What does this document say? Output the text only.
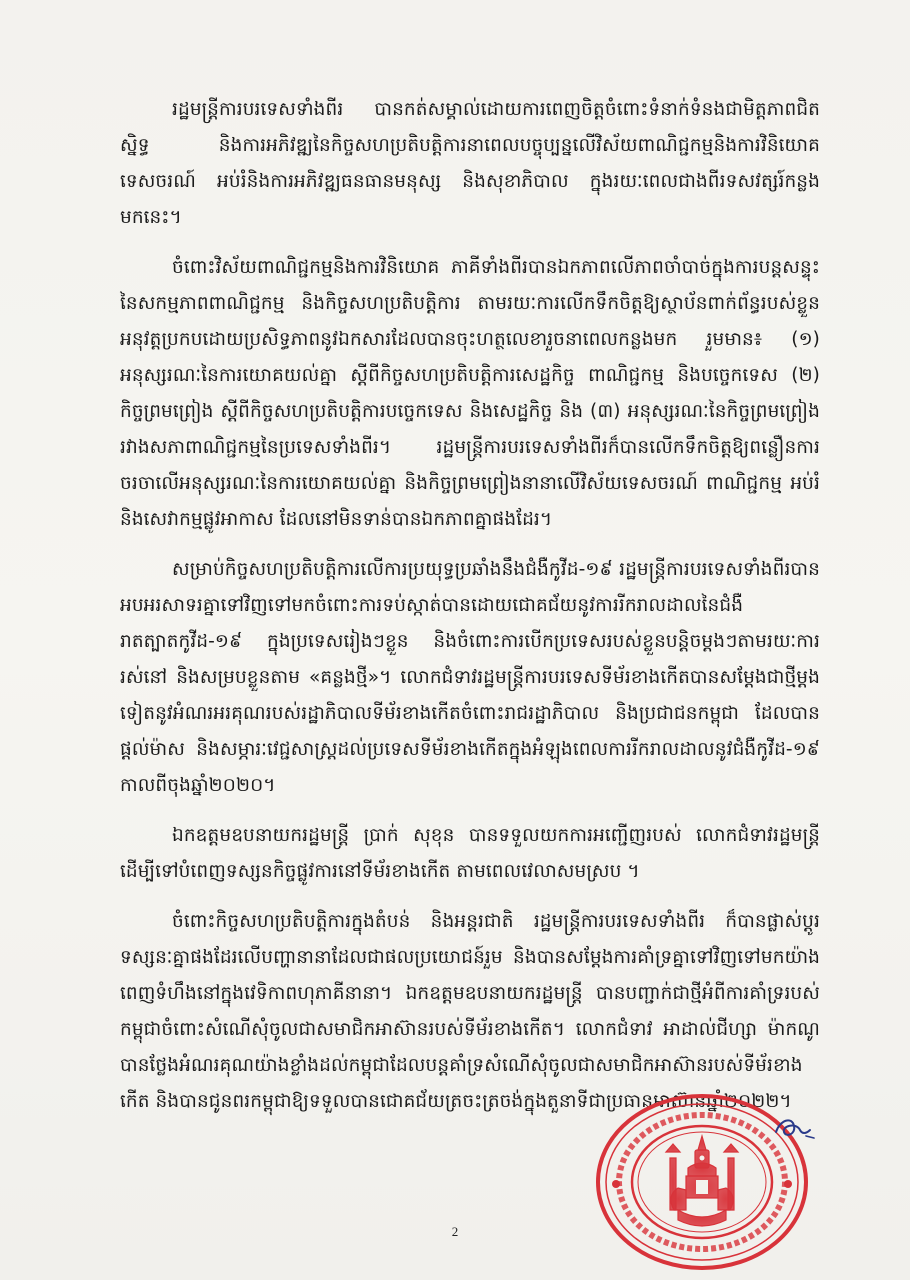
រដ្ឋមន្ត្រីការបរទេសទាំងពីរ បានកត់សម្គាល់ដោយការពេញចិត្តចំពោះទំនាក់ទំនងជាមិត្តភាពជិតស្និទ្ធ និងការអភិវឌ្ឍនៃកិច្ចសហប្រតិបត្តិការនាពេលបច្ចុប្បន្នលើវិស័យពាណិជ្ជកម្មនិងការវិនិយោគ ទេសចរណ៍ អប់រំនិងការអភិវឌ្ឍធនធានមនុស្ស និងសុខាភិបាល ក្នុងរយៈពេលជាងពីរទសវត្សរ៍កន្លងមកនេះ។

ចំពោះវិស័យពាណិជ្ជកម្មនិងការវិនិយោគ ភាគីទាំងពីរបានឯកភាពលើភាពចាំបាច់ក្នុងការបន្តសន្ទុះនៃសកម្មភាពពាណិជ្ជកម្ម និងកិច្ចសហប្រតិបត្តិការ តាមរយៈការលើកទឹកចិត្តឱ្យស្ថាប័នពាក់ព័ន្ធរបស់ខ្លួនអនុវត្តប្រកបដោយប្រសិទ្ធភាពនូវឯកសារដែលបានចុះហត្ថលេខារួចនាពេលកន្លងមក រួមមាន៖ (១) អនុស្សរណៈនៃការយោគយល់គ្នា ស្តីពីកិច្ចសហប្រតិបត្តិការសេដ្ឋកិច្ច ពាណិជ្ជកម្ម និងបច្ចេកទេស (២) កិច្ចព្រមព្រៀង ស្តីពីកិច្ចសហប្រតិបត្តិការបច្ចេកទេស និងសេដ្ឋកិច្ច និង (៣) អនុស្សរណៈនៃកិច្ចព្រមព្រៀងរវាងសភាពាណិជ្ជកម្មនៃប្រទេសទាំងពីរ។ រដ្ឋមន្ត្រីការបរទេសទាំងពីរក៏បានលើកទឹកចិត្តឱ្យពន្លឿនការចរចាលើអនុស្សរណៈនៃការយោគយល់គ្នា និងកិច្ចព្រមព្រៀងនានាលើវិស័យទេសចរណ៍ ពាណិជ្ជកម្ម អប់រំ និងសេវាកម្មផ្លូវអាកាស ដែលនៅមិនទាន់បានឯកភាពគ្នាផងដែរ។

សម្រាប់កិច្ចសហប្រតិបត្តិការលើការប្រយុទ្ធប្រឆាំងនឹងជំងឺកូវីដ-១៩ រដ្ឋមន្ត្រីការបរទេសទាំងពីរបានអបអរសាទរគ្នាទៅវិញទៅមកចំពោះការទប់ស្កាត់បានដោយជោគជ័យនូវការរីករាលដាលនៃជំងឺរាតត្បាតកូវីដ-១៩ ក្នុងប្រទេសរៀងៗខ្លួន និងចំពោះការបើកប្រទេសរបស់ខ្លួនបន្តិចម្តងៗតាមរយៈការរស់នៅ និងសម្របខ្លួនតាម «គន្លងថ្មី»។ លោកជំទាវរដ្ឋមន្ត្រីការបរទេសទីម័រខាងកើតបានសម្តែងជាថ្មីម្តងទៀតនូវអំណរអរគុណរបស់រដ្ឋាភិបាលទីម័រខាងកើតចំពោះរាជរដ្ឋាភិបាល និងប្រជាជនកម្ពុជា ដែលបានផ្តល់ម៉ាស និងសម្ភារៈវេជ្ជសាស្ត្រដល់ប្រទេសទីម័រខាងកើតក្នុងអំឡុងពេលការរីករាលដាលនូវជំងឺកូវីដ-១៩ កាលពីចុងឆ្នាំ២០២០។

ឯកឧត្តមឧបនាយករដ្ឋមន្ត្រី ប្រាក់ សុខុន បានទទួលយកការអញ្ជើញរបស់ លោកជំទាវរដ្ឋមន្ត្រី ដើម្បីទៅបំពេញទស្សនកិច្ចផ្លូវការនៅទីម័រខាងកើត តាមពេលវេលាសមស្រប ។

ចំពោះកិច្ចសហប្រតិបត្តិការក្នុងតំបន់ និងអន្តរជាតិ រដ្ឋមន្ត្រីការបរទេសទាំងពីរ ក៏បានផ្លាស់ប្តូរទស្សនៈគ្នាផងដែរលើបញ្ហានានាដែលជាផលប្រយោជន៍រួម និងបានសម្តែងការគាំទ្រគ្នាទៅវិញទៅមកយ៉ាងពេញទំហឹងនៅក្នុងវេទិកាពហុភាគីនានា។ ឯកឧត្តមឧបនាយករដ្ឋមន្ត្រី បានបញ្ជាក់ជាថ្មីអំពីការគាំទ្ររបស់កម្ពុជាចំពោះសំណើសុំចូលជាសមាជិកអាស៊ានរបស់ទីម័រខាងកើត។ លោកជំទាវ អាដាល់ជីហ្សា ម៉ាកណូ បានថ្លែងអំណរគុណយ៉ាងខ្លាំងដល់កម្ពុជាដែលបន្តគាំទ្រសំណើសុំចូលជាសមាជិកអាស៊ានរបស់ទីម័រខាងកើត និងបានជូនពរកម្ពុជាឱ្យទទួលបានជោគជ័យត្រចះត្រចង់ក្នុងតួនាទីជាប្រធានអាស៊ានឆ្នាំ២០២២។

2
